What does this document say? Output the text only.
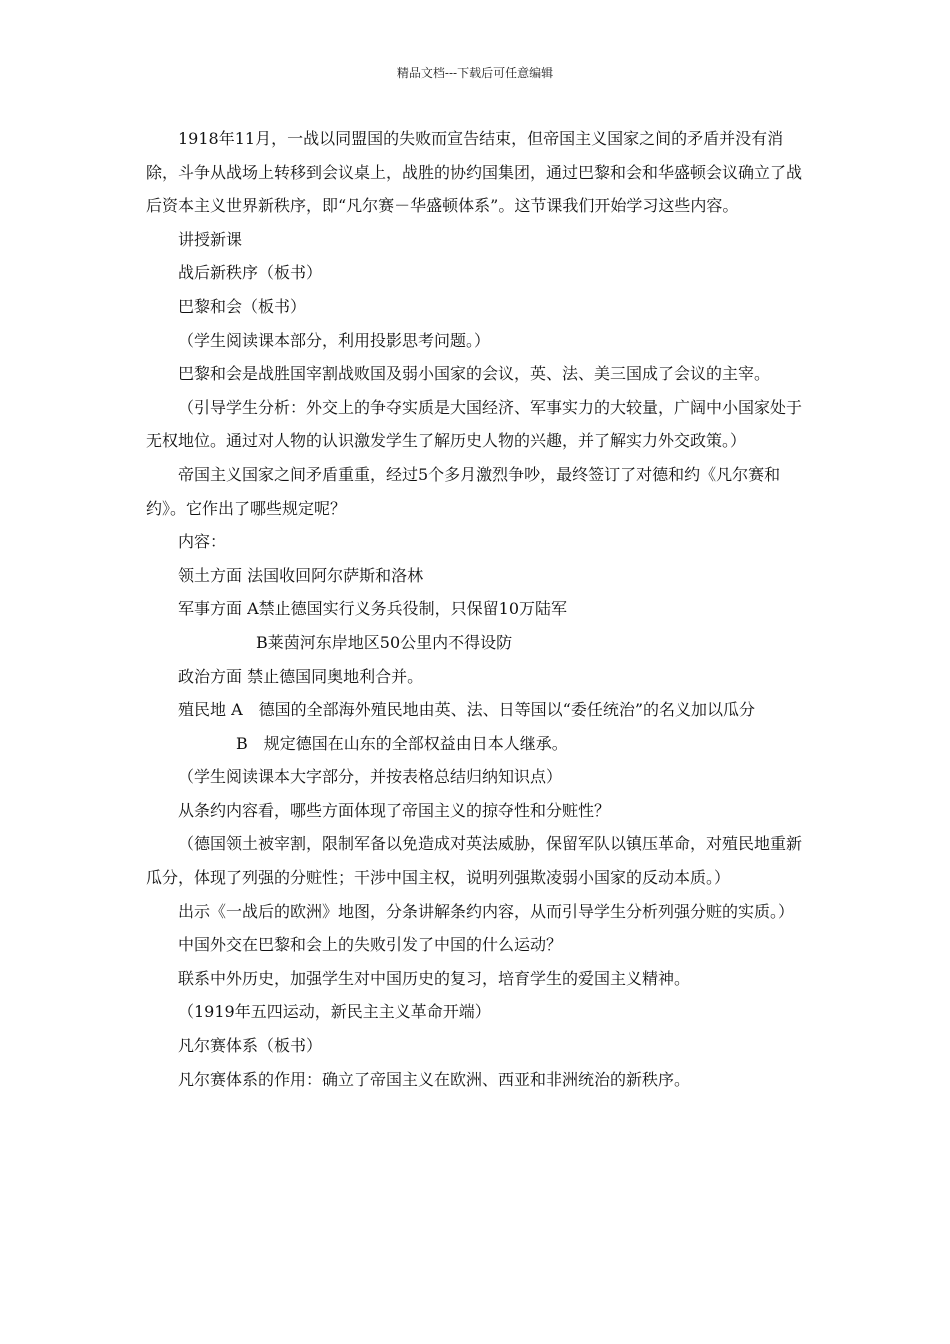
精品文档---下载后可任意编辑

1918年11月，一战以同盟国的失败而宣告结束，但帝国主义国家之间的矛盾并没有消除，斗争从战场上转移到会议桌上，战胜的协约国集团，通过巴黎和会和华盛顿会议确立了战后资本主义世界新秩序，即“凡尔赛－华盛顿体系”。这节课我们开始学习这些内容。

讲授新课

战后新秩序（板书）

巴黎和会（板书）

（学生阅读课本部分，利用投影思考问题。）

巴黎和会是战胜国宰割战败国及弱小国家的会议，英、法、美三国成了会议的主宰。

（引导学生分析：外交上的争夺实质是大国经济、军事实力的大较量，广阔中小国家处于无权地位。通过对人物的认识激发学生了解历史人物的兴趣，并了解实力外交政策。）

帝国主义国家之间矛盾重重，经过5个多月激烈争吵，最终签订了对德和约《凡尔赛和约》。它作出了哪些规定呢？

内容：

领土方面 法国收回阿尔萨斯和洛林

军事方面 A禁止德国实行义务兵役制，只保留10万陆军

B莱茵河东岸地区50公里内不得设防

政治方面 禁止德国同奥地利合并。

殖民地 A　德国的全部海外殖民地由英、法、日等国以“委任统治”的名义加以瓜分

B　规定德国在山东的全部权益由日本人继承。

（学生阅读课本大字部分，并按表格总结归纳知识点）

从条约内容看，哪些方面体现了帝国主义的掠夺性和分赃性？

（德国领土被宰割，限制军备以免造成对英法威胁，保留军队以镇压革命，对殖民地重新瓜分，体现了列强的分赃性；干涉中国主权，说明列强欺凌弱小国家的反动本质。）

出示《一战后的欧洲》地图，分条讲解条约内容，从而引导学生分析列强分赃的实质。）

中国外交在巴黎和会上的失败引发了中国的什么运动？

联系中外历史，加强学生对中国历史的复习，培育学生的爱国主义精神。

（1919年五四运动，新民主主义革命开端）

凡尔赛体系（板书）

凡尔赛体系的作用：确立了帝国主义在欧洲、西亚和非洲统治的新秩序。
